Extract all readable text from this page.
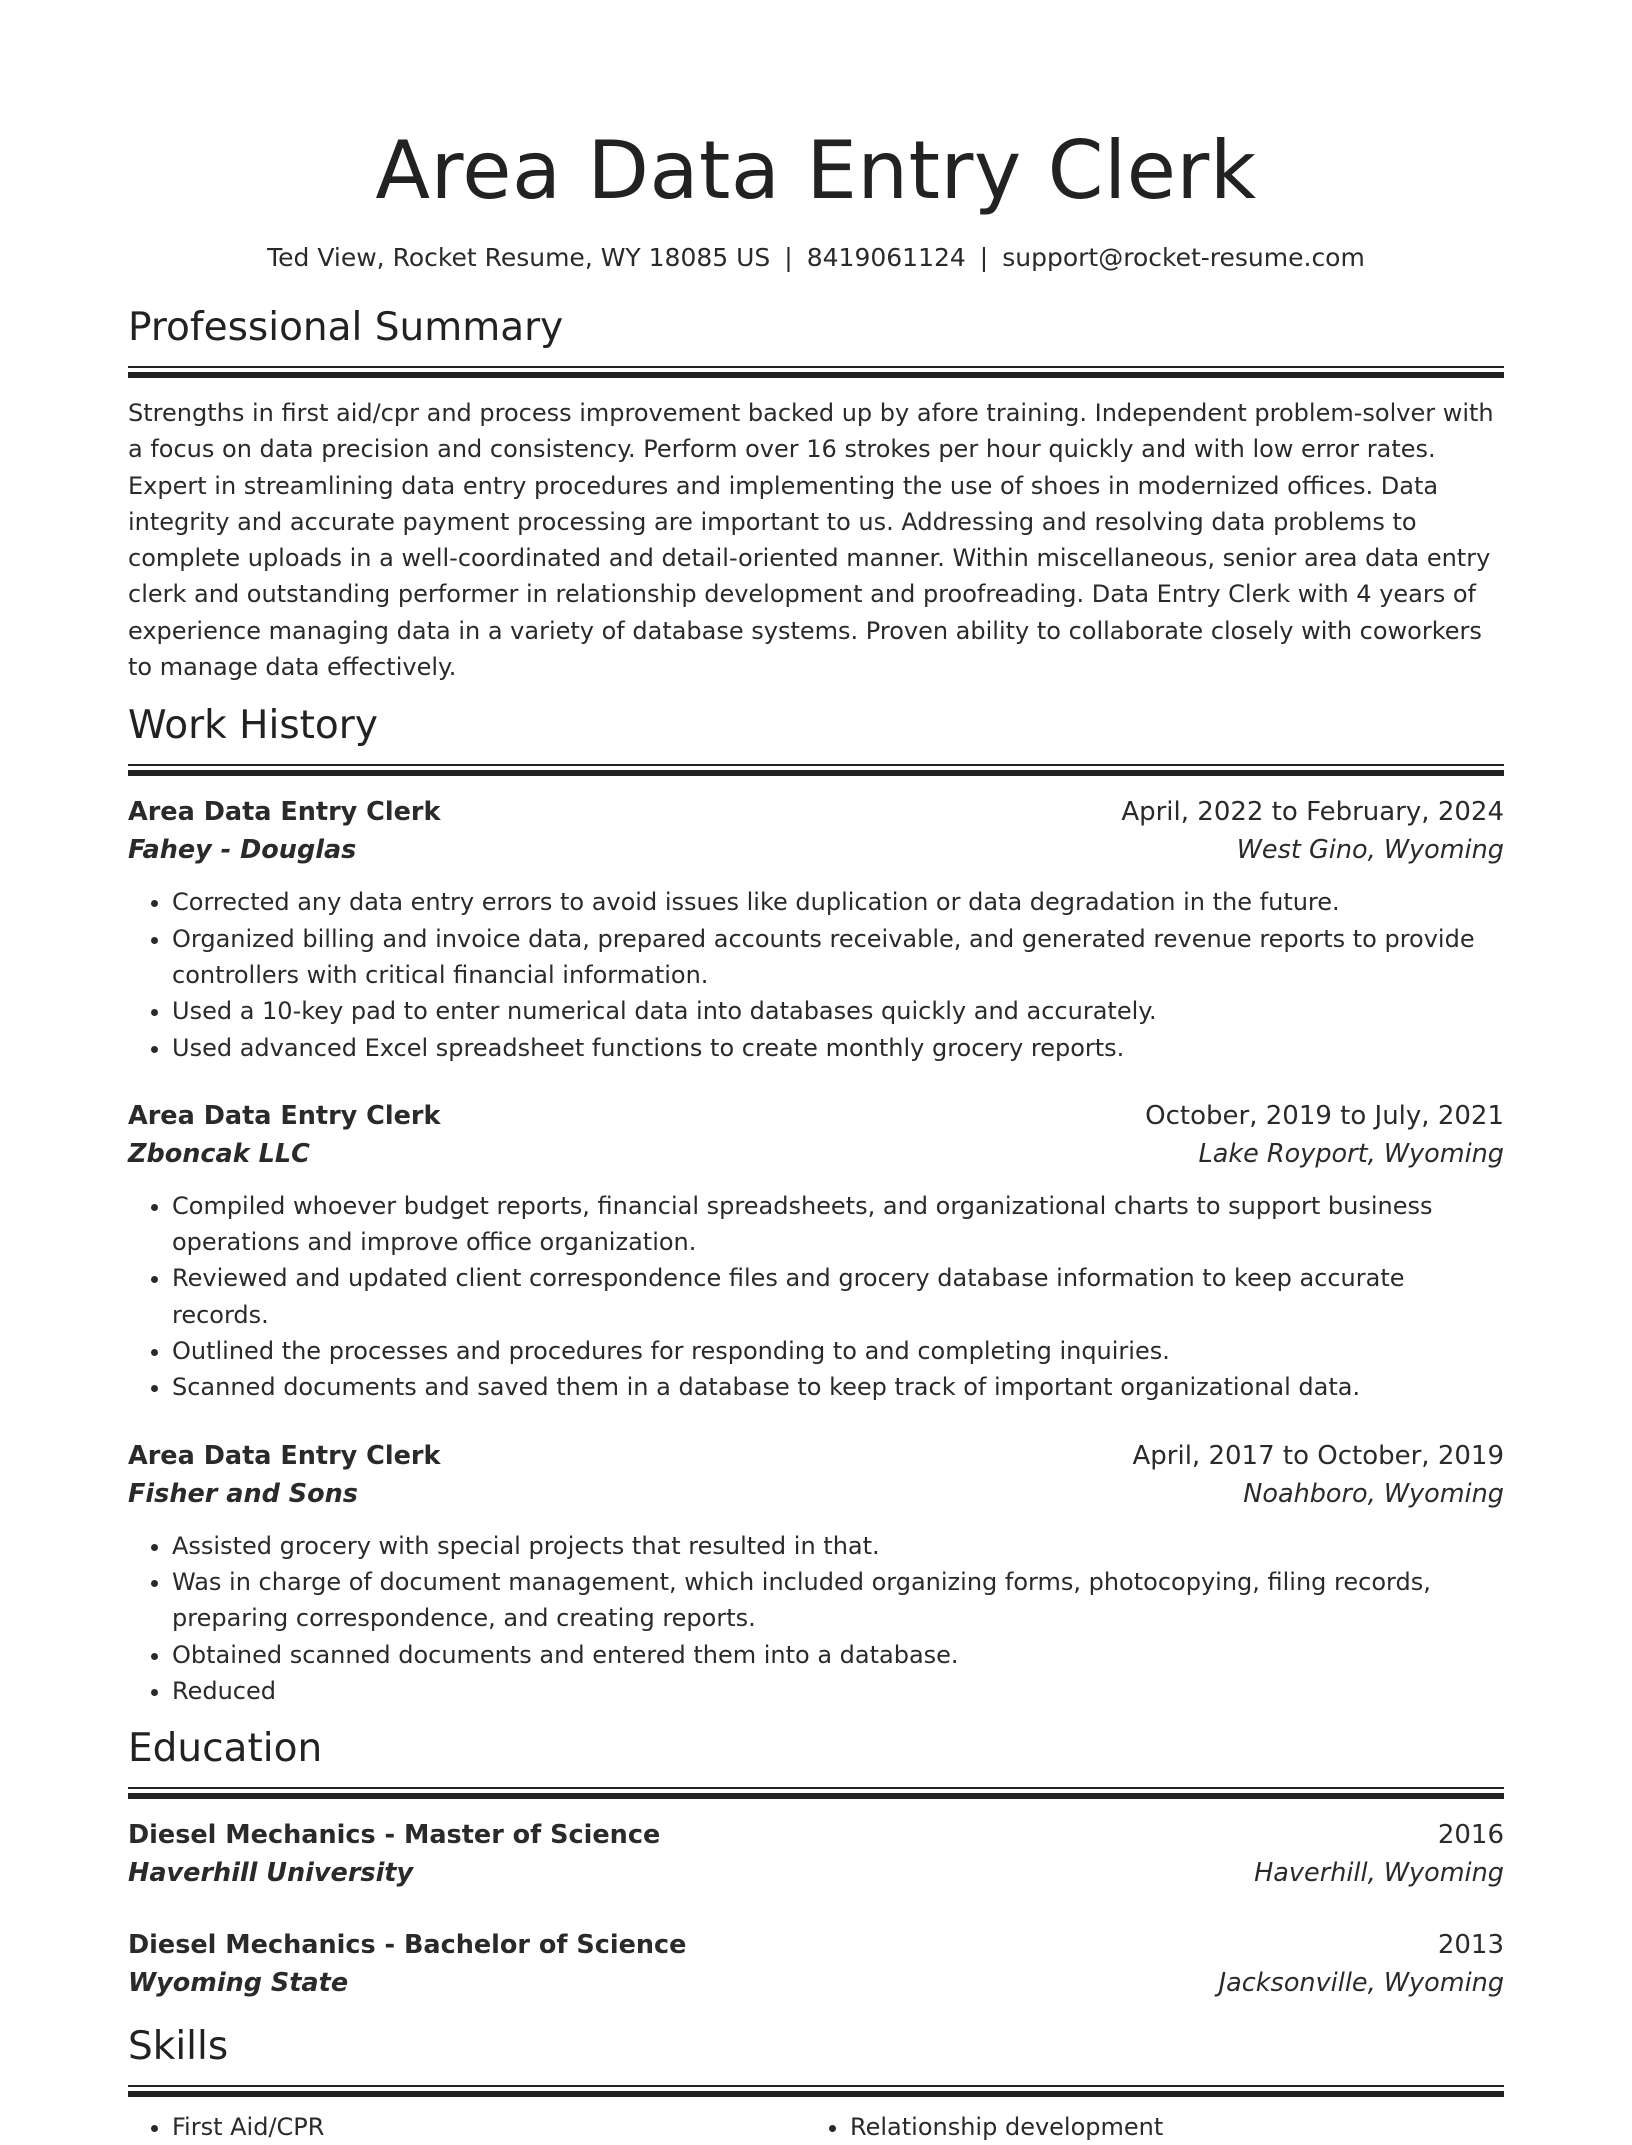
Area Data Entry Clerk
Ted View, Rocket Resume, WY 18085 US | 8419061124 | support@rocket-resume.com
Professional Summary

Strengths in first aid/cpr and process improvement backed up by afore training. Independent problem-solver with a focus on data precision and consistency. Perform over 16 strokes per hour quickly and with low error rates. Expert in streamlining data entry procedures and implementing the use of shoes in modernized offices. Data integrity and accurate payment processing are important to us. Addressing and resolving data problems to complete uploads in a well-coordinated and detail-oriented manner. Within miscellaneous, senior area data entry clerk and outstanding performer in relationship development and proofreading. Data Entry Clerk with 4 years of experience managing data in a variety of database systems. Proven ability to collaborate closely with coworkers to manage data effectively.

Work History
Area Data Entry Clerk	April, 2022 to February, 2024
Fahey - Douglas	West Gino, Wyoming
• Corrected any data entry errors to avoid issues like duplication or data degradation in the future.
• Organized billing and invoice data, prepared accounts receivable, and generated revenue reports to provide controllers with critical financial information.
• Used a 10-key pad to enter numerical data into databases quickly and accurately.
• Used advanced Excel spreadsheet functions to create monthly grocery reports.
Area Data Entry Clerk	October, 2019 to July, 2021
Zboncak LLC	Lake Royport, Wyoming
• Compiled whoever budget reports, financial spreadsheets, and organizational charts to support business operations and improve office organization.
• Reviewed and updated client correspondence files and grocery database information to keep accurate records.
• Outlined the processes and procedures for responding to and completing inquiries.
• Scanned documents and saved them in a database to keep track of important organizational data.
Area Data Entry Clerk	April, 2017 to October, 2019
Fisher and Sons	Noahboro, Wyoming
• Assisted grocery with special projects that resulted in that.
• Was in charge of document management, which included organizing forms, photocopying, filing records, preparing correspondence, and creating reports.
• Obtained scanned documents and entered them into a database.
• Reduced
Education
Diesel Mechanics - Master of Science	2016
Haverhill University	Haverhill, Wyoming
Diesel Mechanics - Bachelor of Science	2013
Wyoming State	Jacksonville, Wyoming
Skills
• First Aid/CPR
•	Relationship development
